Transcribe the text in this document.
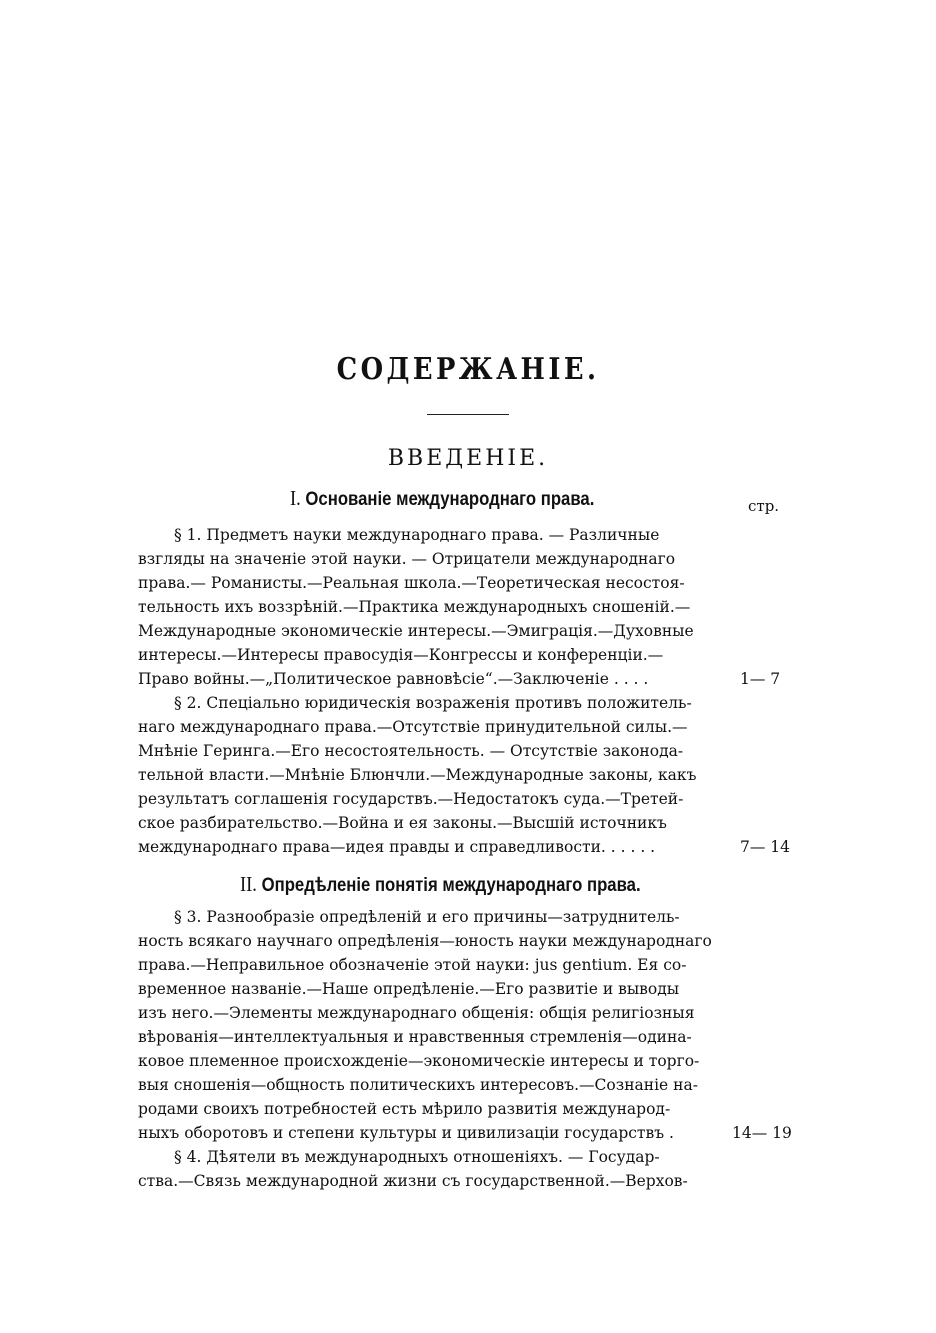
СОДЕРЖАНІЕ.
ВВЕДЕНІЕ.
I. Основаніе международнаго права.	стр.
§ 1. Предметъ науки международнаго права. — Различные
взгляды на значеніе этой науки. — Отрицатели международнаго
права.— Романисты.—Реальная школа.—Теоретическая несостоя-
тельность ихъ воззрѣній.—Практика международныхъ сношеній.—
Международные экономическіе интересы.—Эмиграція.—Духовные
интересы.—Интересы правосудія—Конгрессы и конференціи.—
Право войны.—„Политическое равновѣсіе“.—Заключеніе . . . .	1— 7
§ 2. Спеціально юридическія возраженія противъ положитель-
наго международнаго права.—Отсутствіе принудительной силы.—
Мнѣніе Геринга.—Его несостоятельность. — Отсутствіе законода-
тельной власти.—Мнѣніе Блюнчли.—Международные законы, какъ
результатъ соглашенія государствъ.—Недостатокъ суда.—Третей-
ское разбирательство.—Война и ея законы.—Высшій источникъ
международнаго права—идея правды и справедливости. . . . . .	7— 14
II. Опредѣленіе понятія международнаго права.
§ 3. Разнообразіе опредѣленій и его причины—затруднитель-
ность всякаго научнаго опредѣленія—юность науки международнаго
права.—Неправильное обозначеніе этой науки: jus gentium. Ея со-
временное названіе.—Наше опредѣленіе.—Его развитіе и выводы
изъ него.—Элементы международнаго общенія: общія религіозныя
вѣрованія—интеллектуальныя и нравственныя стремленія—одина-
ковое племенное происхожденіе—экономическіе интересы и торго-
выя сношенія—общность политическихъ интересовъ.—Сознаніе на-
родами своихъ потребностей есть мѣрило развитія международ-
ныхъ оборотовъ и степени культуры и цивилизаціи государствъ .	14— 19
§ 4. Дѣятели въ международныхъ отношеніяхъ. — Государ-
ства.—Связь международной жизни съ государственной.—Верхов-
